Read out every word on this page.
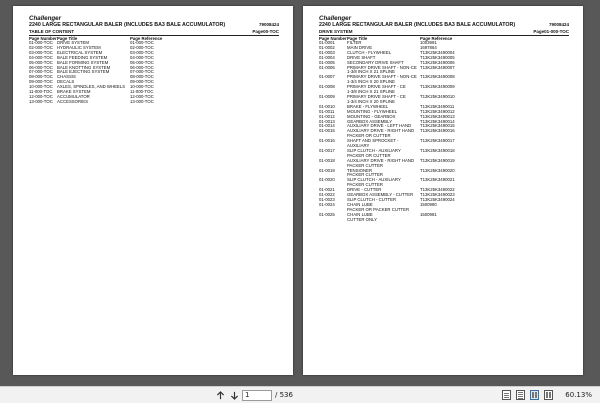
Challenger
2240 LARGE RECTANGULAR BALER (INCLUDES BA3 BALE ACCUMULATOR)	79008424
TABLE OF CONTENT	Page00-TOC
Page Number Page Title	Page Reference
01-000-TOC DRIVE SYSTEM	01-000-TOC
02-000-TOC HYDRAULIC SYSTEM	02-000-TOC
03-000-TOC ELECTRICAL SYSTEM	03-000-TOC
04-000-TOC BALE FEEDING SYSTEM	04-000-TOC
05-000-TOC BALE FORMING SYSTEM	05-000-TOC
06-000-TOC BALE KNOTTING SYSTEM	06-000-TOC
07-000-TOC BALE EJECTING SYSTEM	07-000-TOC
08-000-TOC CHASSIS	08-000-TOC
09-000-TOC DECALS	09-000-TOC
10-000-TOC AXLES, SPINDLES, AND WHEELS	10-000-TOC
11-000-TOC	BRAKE SYSTEM	11-000-TOC
12-000-TOC ACCUMULATOR	12-000-TOC
13-000-TOC ACCESSORIES	13-000-TOC
Challenger
2240 LARGE RECTANGULAR BALER (INCLUDES BA3 BALE ACCUMULATOR)	79008424
DRIVE SYSTEM	Page01-000-TOC
Page Number Page Title	Page Reference
01-0001	FILTER	1003991
01-0002	MAIN DRIVE	1697864
01-0003	CLUTCH - FLYWHEEL	T13K25K3490004
01-0004	DRIVE SHAFT	T13K25K3490005
01-0005	SECONDARY DRIVE SHAFT	T13K25K3490006
01-0006	PRIMARY DRIVE SHAFT - NON-CE
1-3/8 INCH X 21 SPLINE
T13K25K3490007
01-0007	PRIMARY DRIVE SHAFT - NON-CE
1-3/4 INCH X 20 SPLINE
T13K25K3490008
01-0008	PRIMARY DRIVE SHAFT - CE
1-3/8 INCH X 21 SPLINE
T13K25K3490009
01-0009	PRIMARY DRIVE SHAFT - CE
1-3/4 INCH X 20 SPLINE
T13K25K3490010
01-0010	BRAKE - FLYWHEEL	T13K25K3490011
01-0011	MOUNTING - FLYWHEEL	T13K25K3490012
01-0012	MOUNTING - GEARBOX	T13K25K3490013
01-0013	GEARBOX ASSEMBLY	T13K25K3490014
01-0014	AUXILIARY DRIVE - LEFT HAND	T13K25K3490015
01-0015	AUXILIARY DRIVE - RIGHT HAND
PACKER OR CUTTER
T13K25K3490016
01-0016	SHAFT AND SPROCKET - AUXILIARY
T13K25K3490017
01-0017	SLIP CLUTCH - AUXILIARY
PACKER OR CUTTER
T13K25K3490018
01-0018	AUXILIARY DRIVE - RIGHT HAND
PACKER CUTTER
T13K25K3490019
01-0019	TENSIONER
PACKER CUTTER
T13K25K3490020
01-0020	SLIP CLUTCH - AUXILIARY
PACKER CUTTER
T13K25K3490021
01-0021	DRIVE - CUTTER	T13K25K3490022
01-0022	GEARBOX ASSEMBLY - CUTTER	T13K25K3490023
01-0023	SLIP CLUTCH - CUTTER	T13K25K3490024
01-0024	CHAIN LUBE
PACKER OR PACKER CUTTER
1500980
01-0025	CHAIN LUBE
CUTTER ONLY
1500981
1	/ 536	60.13%
